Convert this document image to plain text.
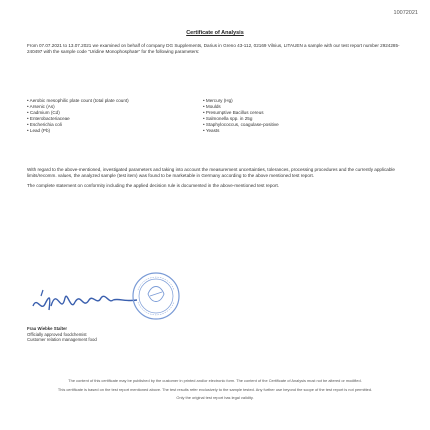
10072021
Certificate of Analysis
From 07.07.2021 to 13.07.2021 we examined on behalf of company DG Supplements, Darius in Greno 43-112, 02169 Vilnius, LITAUEN a sample with our test report number 2924285-240497 with the sample code "Uridine Monophosphate" for the following parameters:
• Aerobic mesophilic plate count (total plate count)
• Arsenic (As)
• Cadmium (Cd)
• Enterobacteriaceae
• Escherichia coli
• Lead (Pb)
• Mercury (Hg)
• Moulds
• Presumptive Bacillus cereus
• Salmonella spp. in 25g
• Staphylococcus, coagulase-positive
• Yeasts

With regard to the above-mentioned, investigated parameters and taking into account the measurement uncertainties, tolerances, processing procedures and the currently applicable limits/recomm. values, the analyzed sample (test item) was found to be marketable in Germany according to the above mentioned test report.

The complete statement on conformity including the applied decision rule is documented in the above-mentioned test report.

Frau Wiebke Stalter
Officially approved foodchemist
Customer relation management food

The content of this certificate may be published by the customer in printed and/or electronic form. The content of the Certificate of Analysis must not be altered or modified.

This certificate is based on the test report mentioned above. The test results refer exclusively to the sample tested. Any further use beyond the scope of the test report is not permitted.

Only the original test report has legal validity.
